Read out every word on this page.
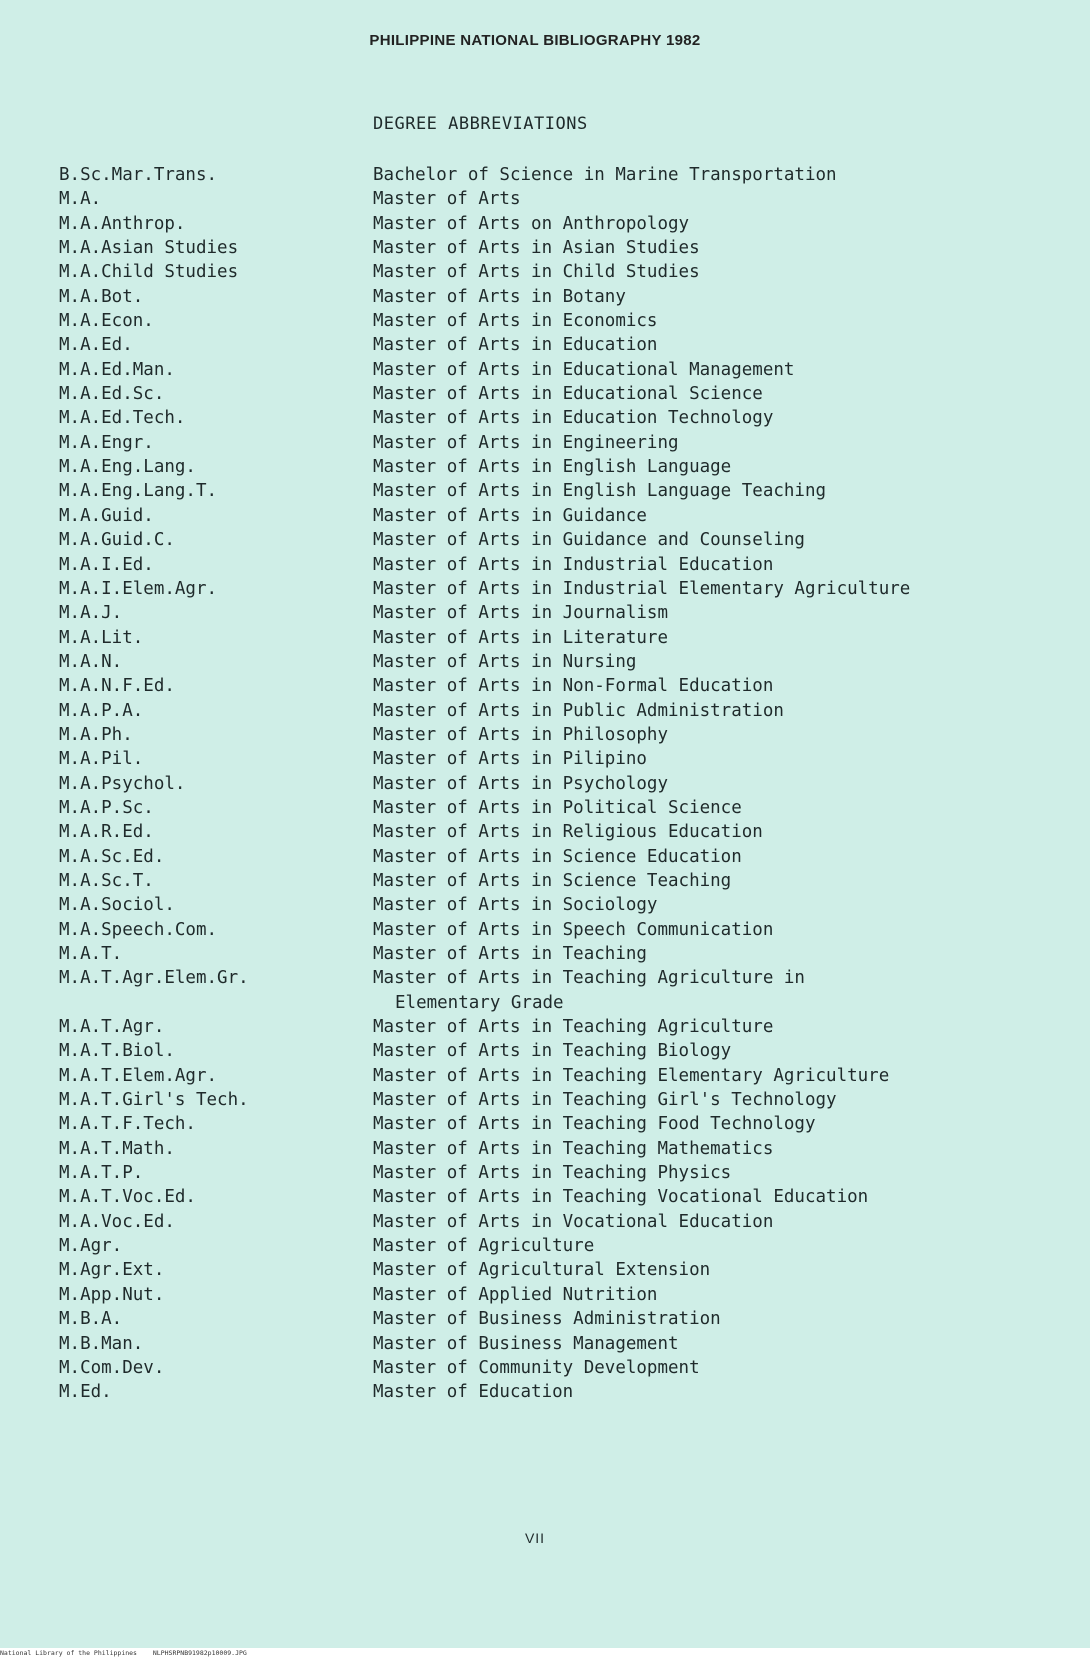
PHILIPPINE NATIONAL BIBLIOGRAPHY 1982
DEGREE ABBREVIATIONS
B.Sc.Mar.Trans.	Bachelor of Science in Marine Transportation
M.A.	Master of Arts
M.A.Anthrop.	Master of Arts on Anthropology
M.A.Asian Studies	Master of Arts in Asian Studies
M.A.Child Studies	Master of Arts in Child Studies
M.A.Bot.	Master of Arts in Botany
M.A.Econ.	Master of Arts in Economics
M.A.Ed.	Master of Arts in Education
M.A.Ed.Man.	Master of Arts in Educational Management
M.A.Ed.Sc.	Master of Arts in Educational Science
M.A.Ed.Tech.	Master of Arts in Education Technology
M.A.Engr.	Master of Arts in Engineering
M.A.Eng.Lang.	Master of Arts in English Language
M.A.Eng.Lang.T.	Master of Arts in English Language Teaching
M.A.Guid.	Master of Arts in Guidance
M.A.Guid.C.	Master of Arts in Guidance and Counseling
M.A.I.Ed.	Master of Arts in Industrial Education
M.A.I.Elem.Agr.	Master of Arts in Industrial Elementary Agriculture
M.A.J.	Master of Arts in Journalism
M.A.Lit.	Master of Arts in Literature
M.A.N.	Master of Arts in Nursing
M.A.N.F.Ed.	Master of Arts in Non-Formal Education
M.A.P.A.	Master of Arts in Public Administration
M.A.Ph.	Master of Arts in Philosophy
M.A.Pil.	Master of Arts in Pilipino
M.A.Psychol.	Master of Arts in Psychology
M.A.P.Sc.	Master of Arts in Political Science
M.A.R.Ed.	Master of Arts in Religious Education
M.A.Sc.Ed.	Master of Arts in Science Education
M.A.Sc.T.	Master of Arts in Science Teaching
M.A.Sociol.	Master of Arts in Sociology
M.A.Speech.Com.	Master of Arts in Speech Communication
M.A.T.	Master of Arts in Teaching
M.A.T.Agr.Elem.Gr.	Master of Arts in Teaching Agriculture in
Elementary Grade
M.A.T.Agr.	Master of Arts in Teaching Agriculture
M.A.T.Biol.	Master of Arts in Teaching Biology
M.A.T.Elem.Agr.	Master of Arts in Teaching Elementary Agriculture
M.A.T.Girl's Tech.	Master of Arts in Teaching Girl's Technology
M.A.T.F.Tech.	Master of Arts in Teaching Food Technology
M.A.T.Math.	Master of Arts in Teaching Mathematics
M.A.T.P.	Master of Arts in Teaching Physics
M.A.T.Voc.Ed.	Master of Arts in Teaching Vocational Education
M.A.Voc.Ed.	Master of Arts in Vocational Education
M.Agr.	Master of Agriculture
M.Agr.Ext.	Master of Agricultural Extension
M.App.Nut.	Master of Applied Nutrition
M.B.A.	Master of Business Administration
M.B.Man.	Master of Business Management
M.Com.Dev.	Master of Community Development
M.Ed.	Master of Education
VII
National Library of the Philippines NLPHSRPNB91982p10009.JPG
